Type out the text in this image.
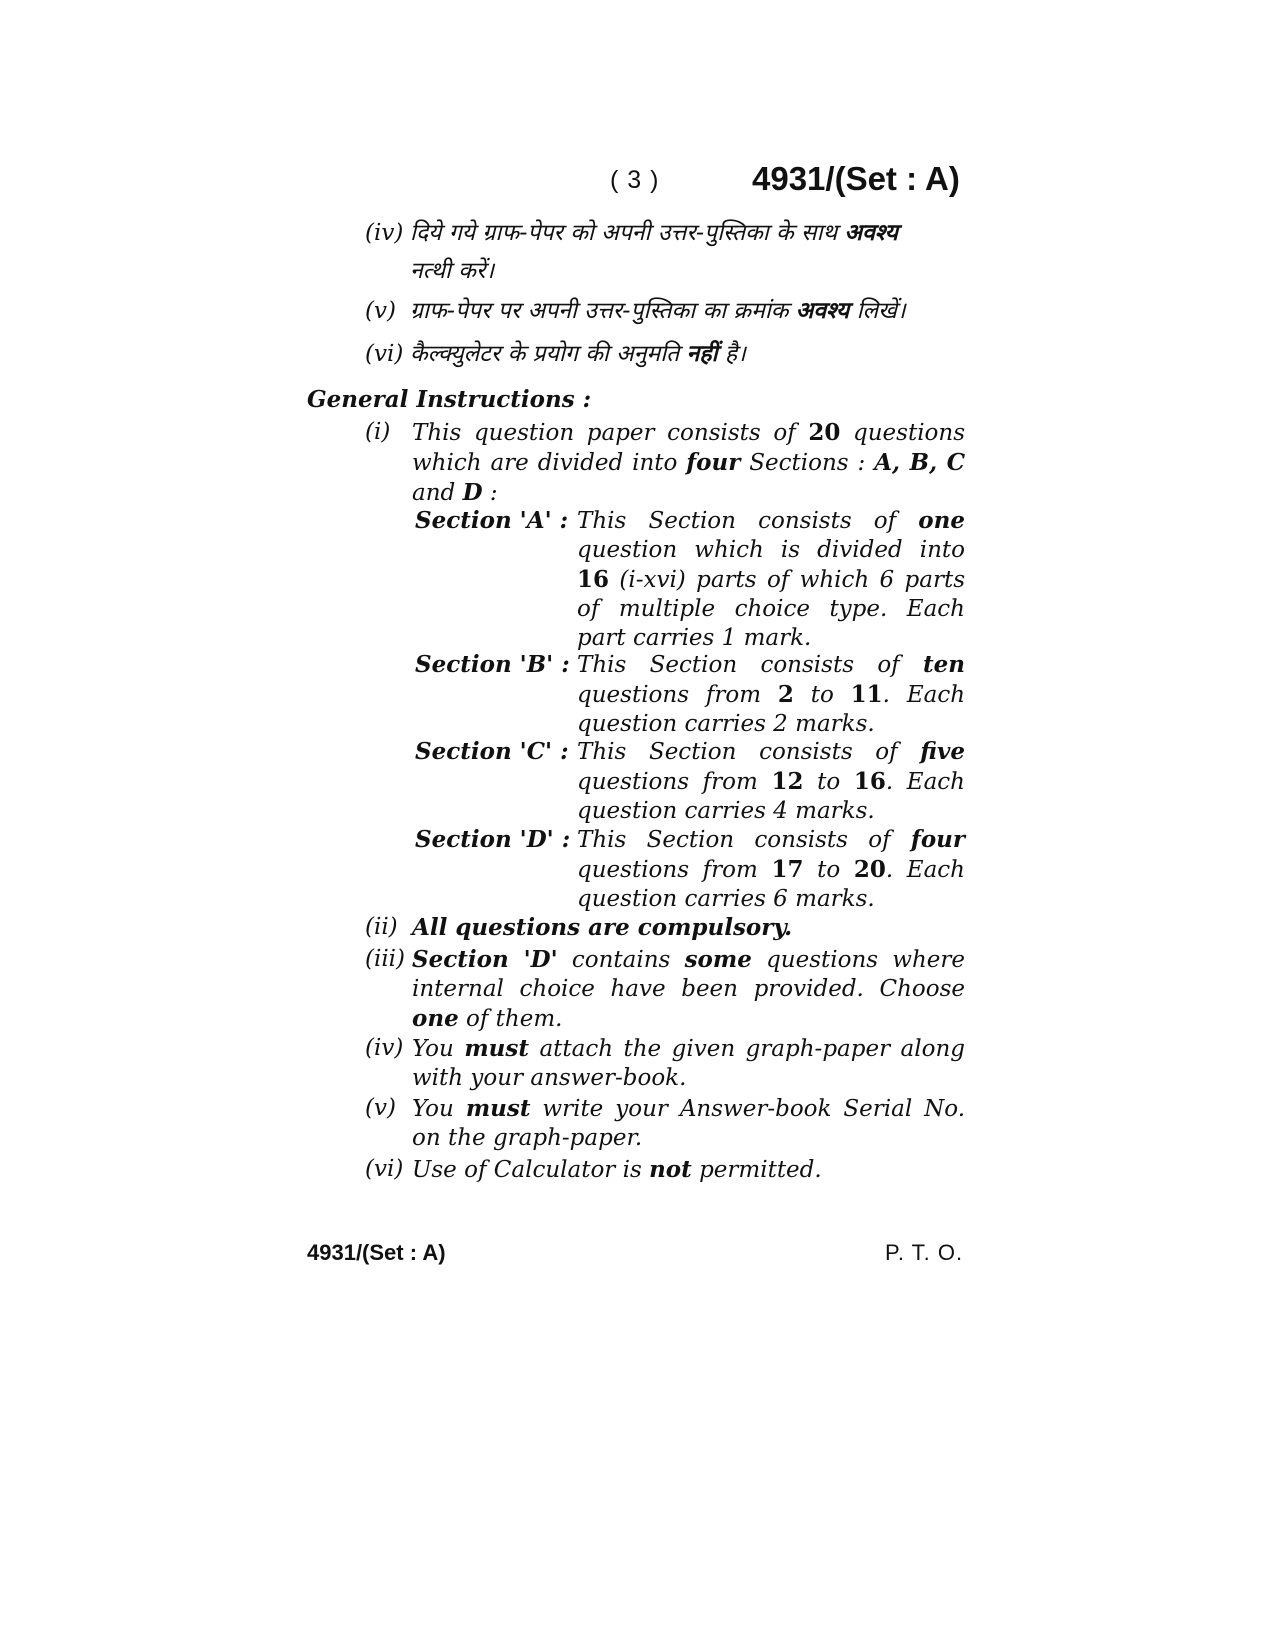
( 3 )	4931/(Set : A)
(iv) दिये गये ग्राफ-पेपर को अपनी उत्तर-पुस्तिका के साथ अवश्य
नत्थी करें।
(v) ग्राफ-पेपर पर अपनी उत्तर-पुस्तिका का क्रमांक अवश्य लिखें।
(vi) कैल्क्युलेटर के प्रयोग की अनुमति नहीं है।
General Instructions :
(i) This question paper consists of 20 questions which are divided into four Sections : A, B, C and D :
Section 'A' : This Section consists of one question which is divided into 16 (i-xvi) parts of which 6 parts of multiple choice type. Each part carries 1 mark.
Section 'B' : This Section consists of ten questions from 2 to 11. Each question carries 2 marks.
Section 'C' : This Section consists of five questions from 12 to 16. Each question carries 4 marks.
Section 'D' : This Section consists of four questions from 17 to 20. Each question carries 6 marks.
(ii) All questions are compulsory.
(iii) Section 'D' contains some questions where internal choice have been provided. Choose one of them.
(iv) You must attach the given graph-paper along with your answer-book.
(v) You must write your Answer-book Serial No. on the graph-paper.
(vi) Use of Calculator is not permitted.
4931/(Set : A)	P. T. O.
